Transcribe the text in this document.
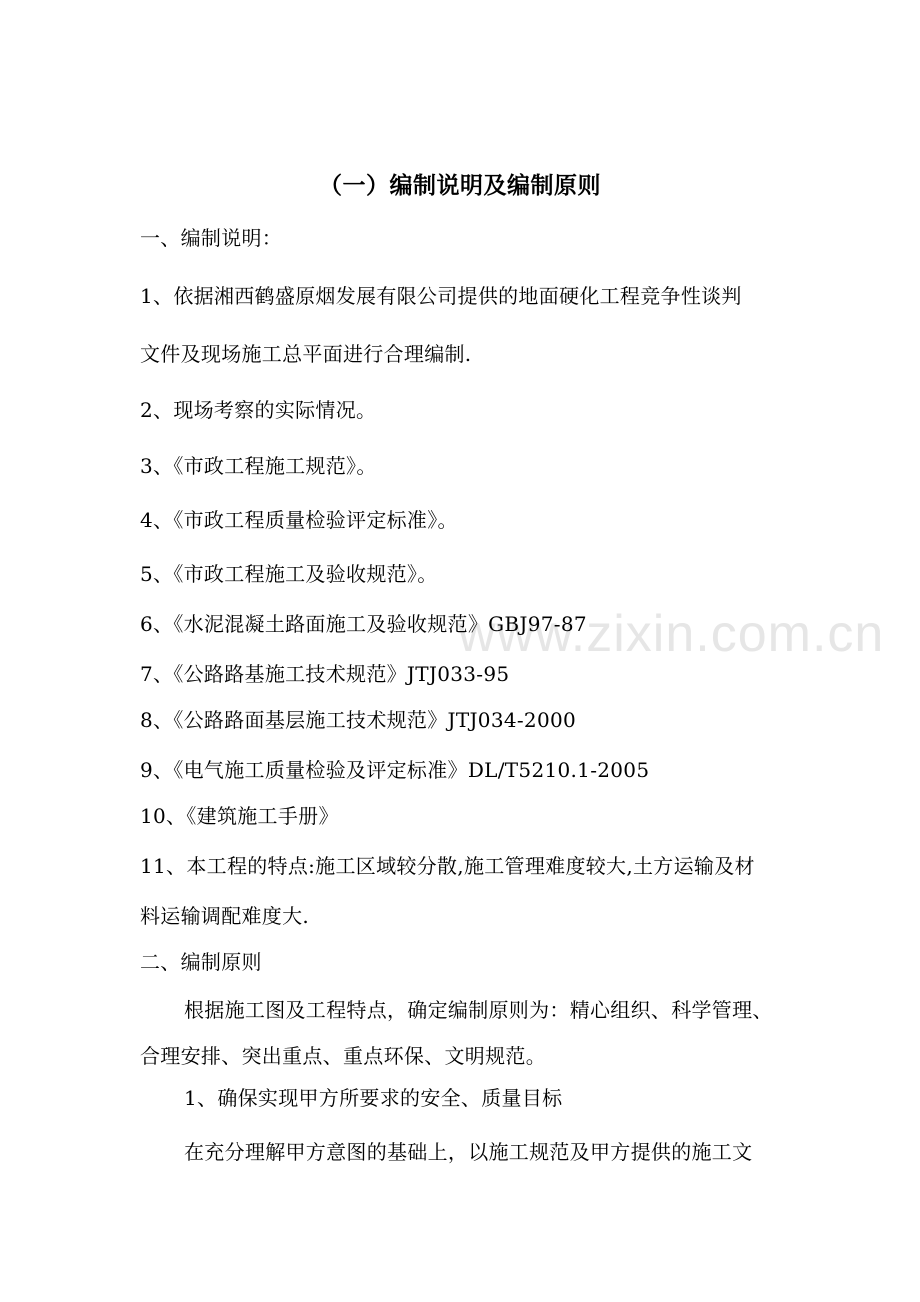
www.zixin.com.cn
（一）编制说明及编制原则

一、编制说明：

1、依据湘西鹤盛原烟发展有限公司提供的地面硬化工程竞争性谈判

文件及现场施工总平面进行合理编制.

2、现场考察的实际情况。

3、《市政工程施工规范》。

4、《市政工程质量检验评定标准》。

5、《市政工程施工及验收规范》。

6、《水泥混凝土路面施工及验收规范》GBJ97-87

7、《公路路基施工技术规范》JTJ033-95

8、《公路路面基层施工技术规范》JTJ034-2000

9、《电气施工质量检验及评定标准》DL/T5210.1-2005

10、《建筑施工手册》

11、本工程的特点:施工区域较分散,施工管理难度较大,土方运输及材

料运输调配难度大.

二、编制原则

根据施工图及工程特点，确定编制原则为：精心组织、科学管理、

合理安排、突出重点、重点环保、文明规范。

1、确保实现甲方所要求的安全、质量目标

在充分理解甲方意图的基础上，以施工规范及甲方提供的施工文
